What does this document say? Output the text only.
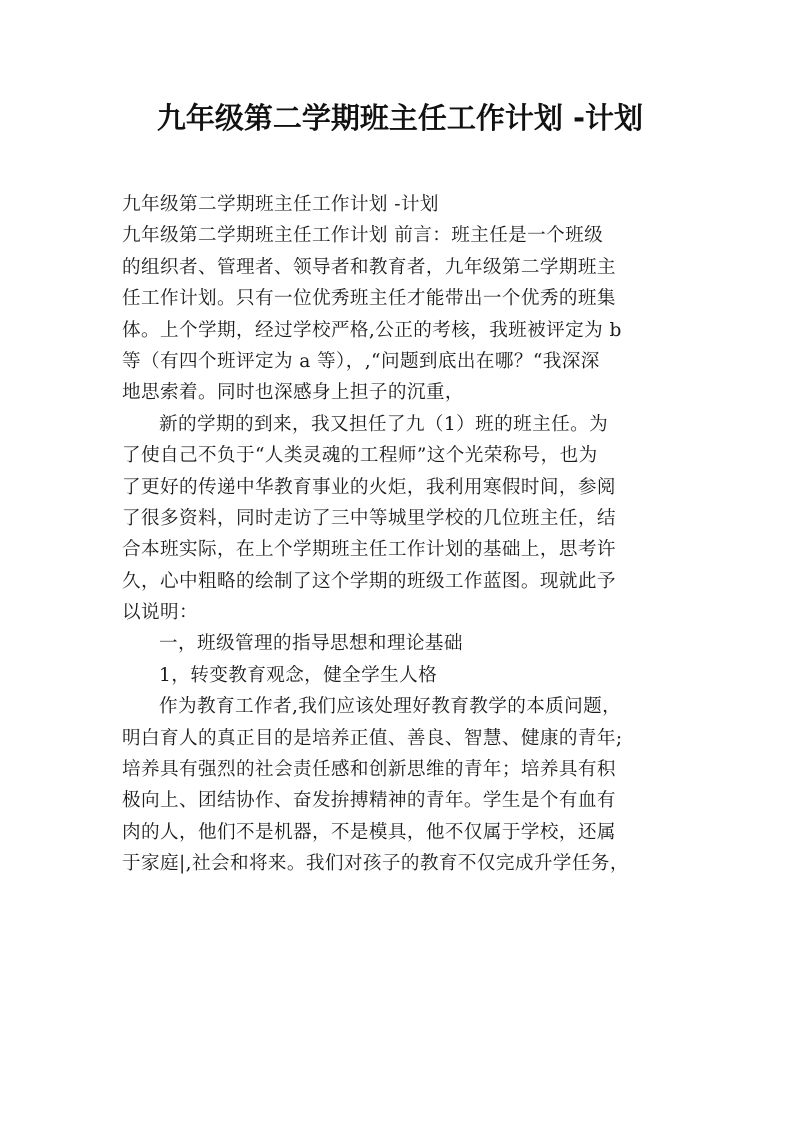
九年级第二学期班主任工作计划 -计划
九年级第二学期班主任工作计划 -计划
九年级第二学期班主任工作计划 前言：班主任是一个班级
的组织者、管理者、领导者和教育者，九年级第二学期班主
任工作计划。只有一位优秀班主任才能带出一个优秀的班集
体。上个学期，经过学校严格,公正的考核，我班被评定为 b
等（有四个班评定为 a 等），,“问题到底出在哪？“我深深
地思索着。同时也深感身上担子的沉重，
新的学期的到来，我又担任了九（1）班的班主任。为
了使自己不负于“人类灵魂的工程师”这个光荣称号，也为
了更好的传递中华教育事业的火炬，我利用寒假时间，参阅
了很多资料，同时走访了三中等城里学校的几位班主任，结
合本班实际，在上个学期班主任工作计划的基础上，思考许
久，心中粗略的绘制了这个学期的班级工作蓝图。现就此予
以说明：
一，班级管理的指导思想和理论基础
1，转变教育观念，健全学生人格
作为教育工作者,我们应该处理好教育教学的本质问题，
明白育人的真正目的是培养正值、善良、智慧、健康的青年;
培养具有强烈的社会责任感和创新思维的青年；培养具有积
极向上、团结协作、奋发拚搏精神的青年。学生是个有血有
肉的人，他们不是机器，不是模具，他不仅属于学校，还属
于家庭|,社会和将来。我们对孩子的教育不仅完成升学任务，
